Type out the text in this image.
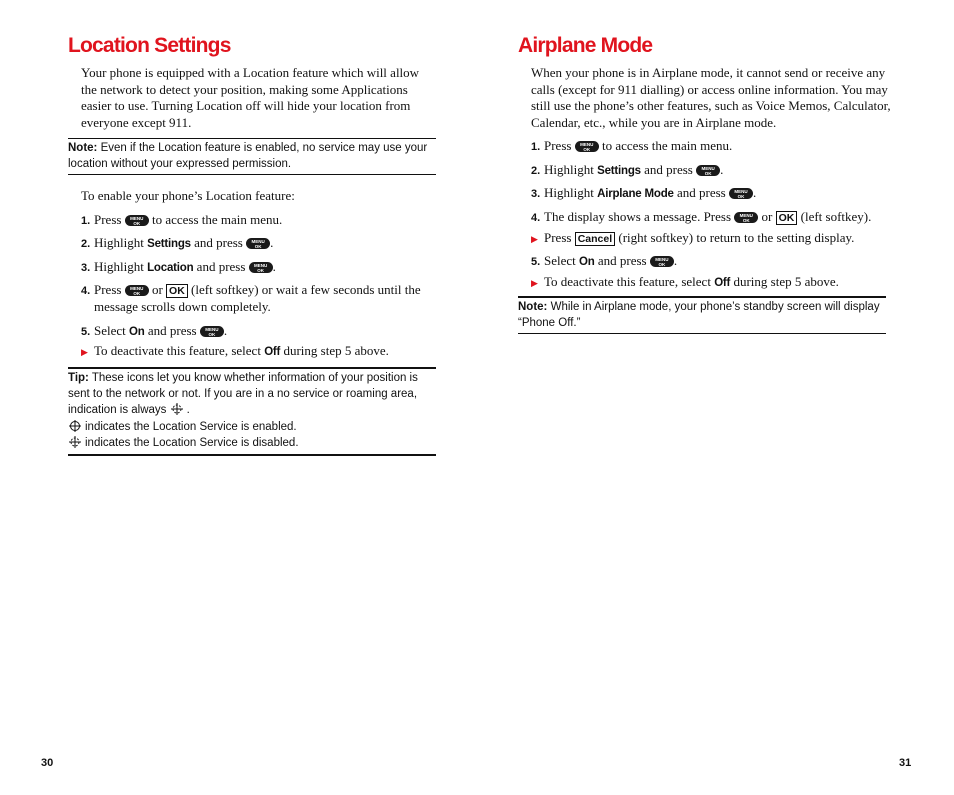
Location Settings

Your phone is equipped with a Location feature which will allow the network to detect your position, making some Applications easier to use. Turning Location off will hide your location from everyone except 911.

Note: Even if the Location feature is enabled, no service may use your location without your expressed permission.

To enable your phone’s Location feature:
1. Press MENU
OK to access the main menu.
2. Highlight Settings and press MENU
OK .
3. Highlight Location and press MENU
OK .
4. Press MENU
OK or OK (left softkey) or wait a few seconds until the
message scrolls down completely.
5. Select On and press MENU
OK .
▶ To deactivate this feature, select Off during step 5 above.

Tip: These icons let you know whether information of your position is sent to the network or not. If you are in a no service or roaming area, indication is always .

indicates the Location Service is enabled.
indicates the Location Service is disabled.
Airplane Mode

When your phone is in Airplane mode, it cannot send or receive any calls (except for 911 dialling) or access online information. You may still use the phone’s other features, such as Voice Memos, Calculator, Calendar, etc., while you are in Airplane mode.

1. Press MENU
OK to access the main menu.
2. Highlight Settings and press MENU
OK .
3. Highlight Airplane Mode and press MENU
OK .
4. The display shows a message. Press MENU
OK or OK (left softkey).
▶ Press Cancel (right softkey) to return to the setting display.
5. Select On and press MENU
OK .
▶ To deactivate this feature, select Off during step 5 above.

Note: While in Airplane mode, your phone’s standby screen will display “Phone Off.”

30	31
